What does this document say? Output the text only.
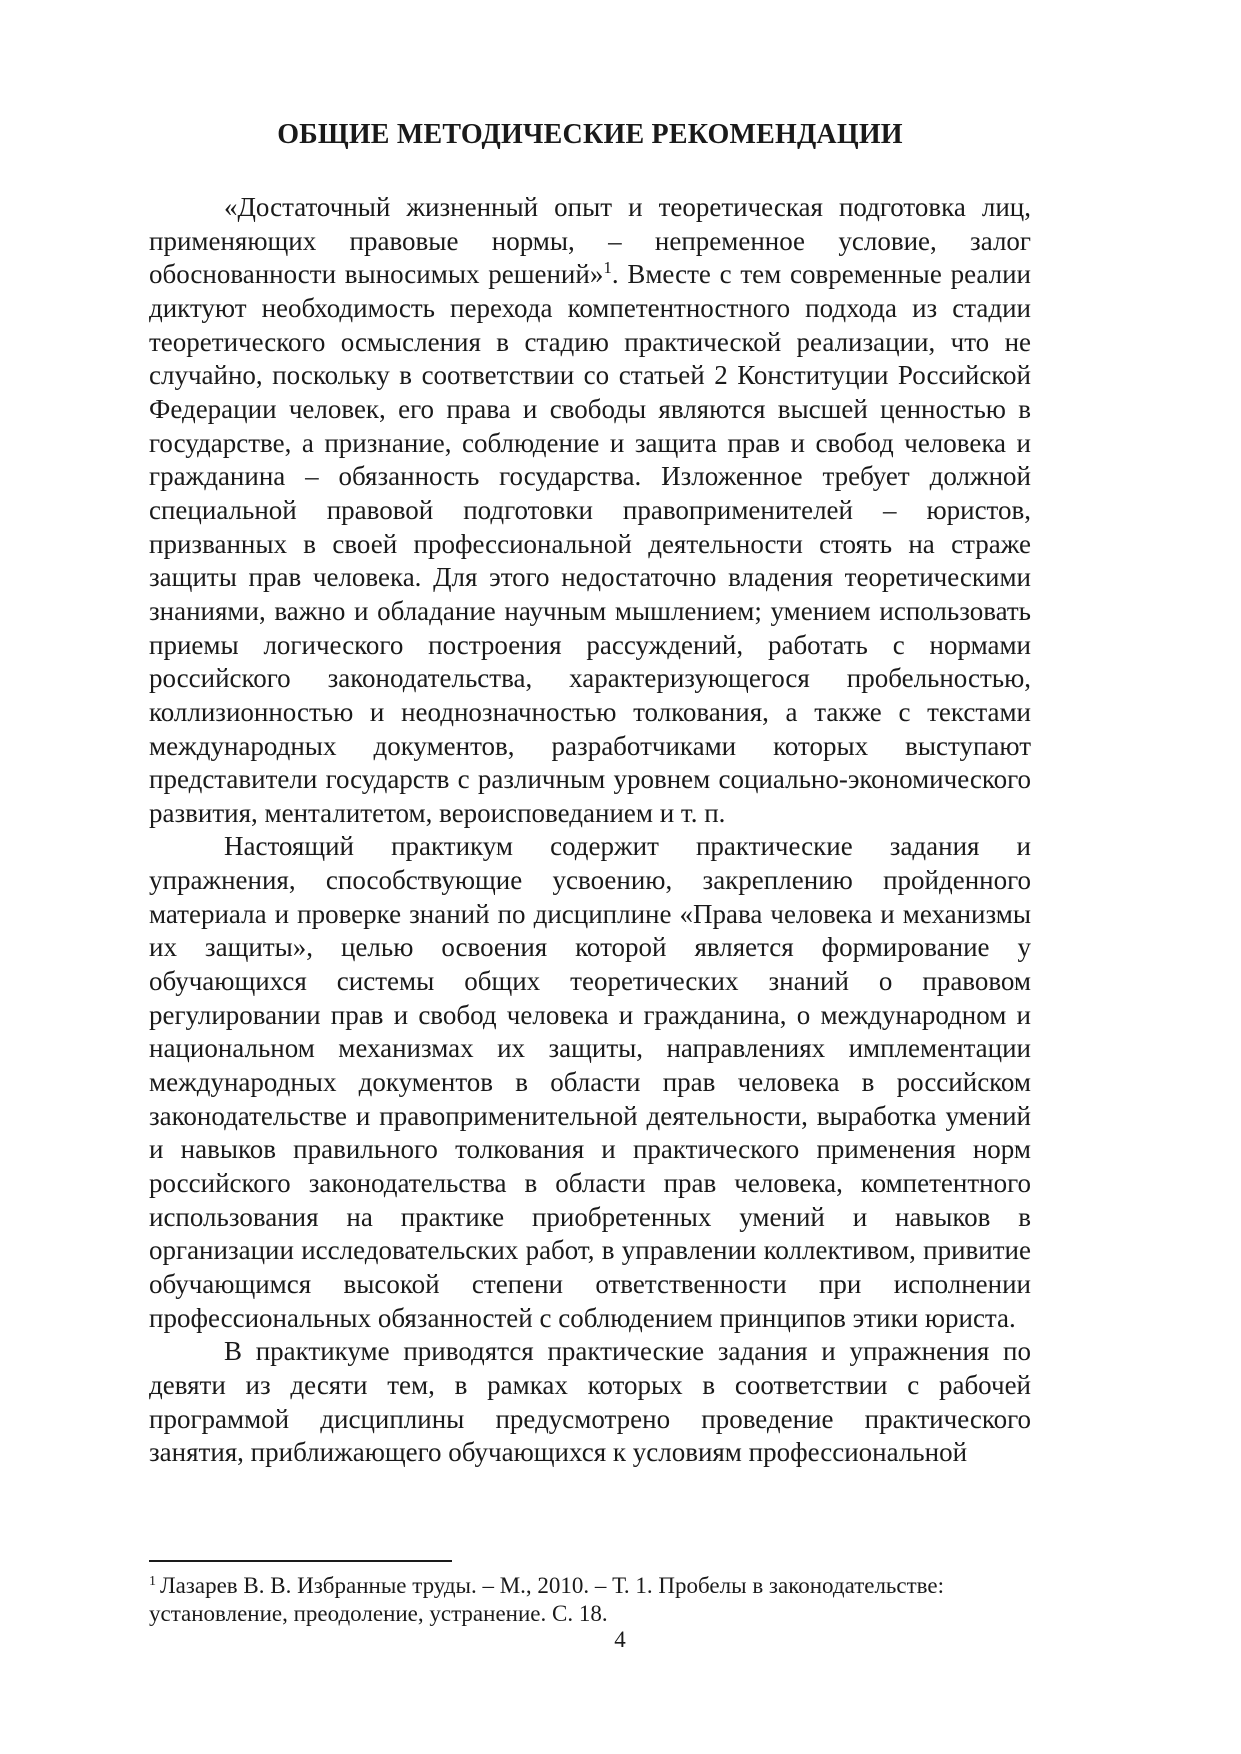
ОБЩИЕ МЕТОДИЧЕСКИЕ РЕКОМЕНДАЦИИ

«Достаточный жизненный опыт и теоретическая подготовка лиц, применяющих правовые нормы, – непременное условие, залог обоснованности выносимых решений»$^1$. Вместе с тем современные реалии диктуют необходимость перехода компетентностного подхода из стадии теоретического осмысления в стадию практической реализации, что не случайно, поскольку в соответствии со статьей 2 Конституции Российской Федерации человек, его права и свободы являются высшей ценностью в государстве, а признание, соблюдение и защита прав и свобод человека и гражданина – обязанность государства. Изложенное требует должной специальной правовой подготовки правоприменителей – юристов, призванных в своей профессиональной деятельности стоять на страже защиты прав человека. Для этого недостаточно владения теоретическими знаниями, важно и обладание научным мышлением; умением использовать приемы логического построения рассуждений, работать с нормами российского законодательства, характеризующегося пробельностью, коллизионностью и неоднозначностью толкования, а также с текстами международных документов, разработчиками которых выступают представители государств с различным уровнем социально-экономического развития, менталитетом, вероисповеданием и т. п.

Настоящий практикум содержит практические задания и упражнения, способствующие усвоению, закреплению пройденного материала и проверке знаний по дисциплине «Права человека и механизмы их защиты», целью освоения которой является формирование у обучающихся системы общих теоретических знаний о правовом регулировании прав и свобод человека и гражданина, о международном и национальном механизмах их защиты, направлениях имплементации международных документов в области прав человека в российском законодательстве и правоприменительной деятельности, выработка умений и навыков правильного толкования и практического применения норм российского законодательства в области прав человека, компетентного использования на практике приобретенных умений и навыков в организации исследовательских работ, в управлении коллективом, привитие обучающимся высокой степени ответственности при исполнении профессиональных обязанностей с соблюдением принципов этики юриста.

В практикуме приводятся практические задания и упражнения по девяти из десяти тем, в рамках которых в соответствии с рабочей программой дисциплины предусмотрено проведение практического занятия, приближающего обучающихся к условиям профессиональной

$^1$ Лазарев В. В. Избранные труды. – М., 2010. – Т. 1. Пробелы в законодательстве: установление, преодоление, устранение. С. 18.

4
